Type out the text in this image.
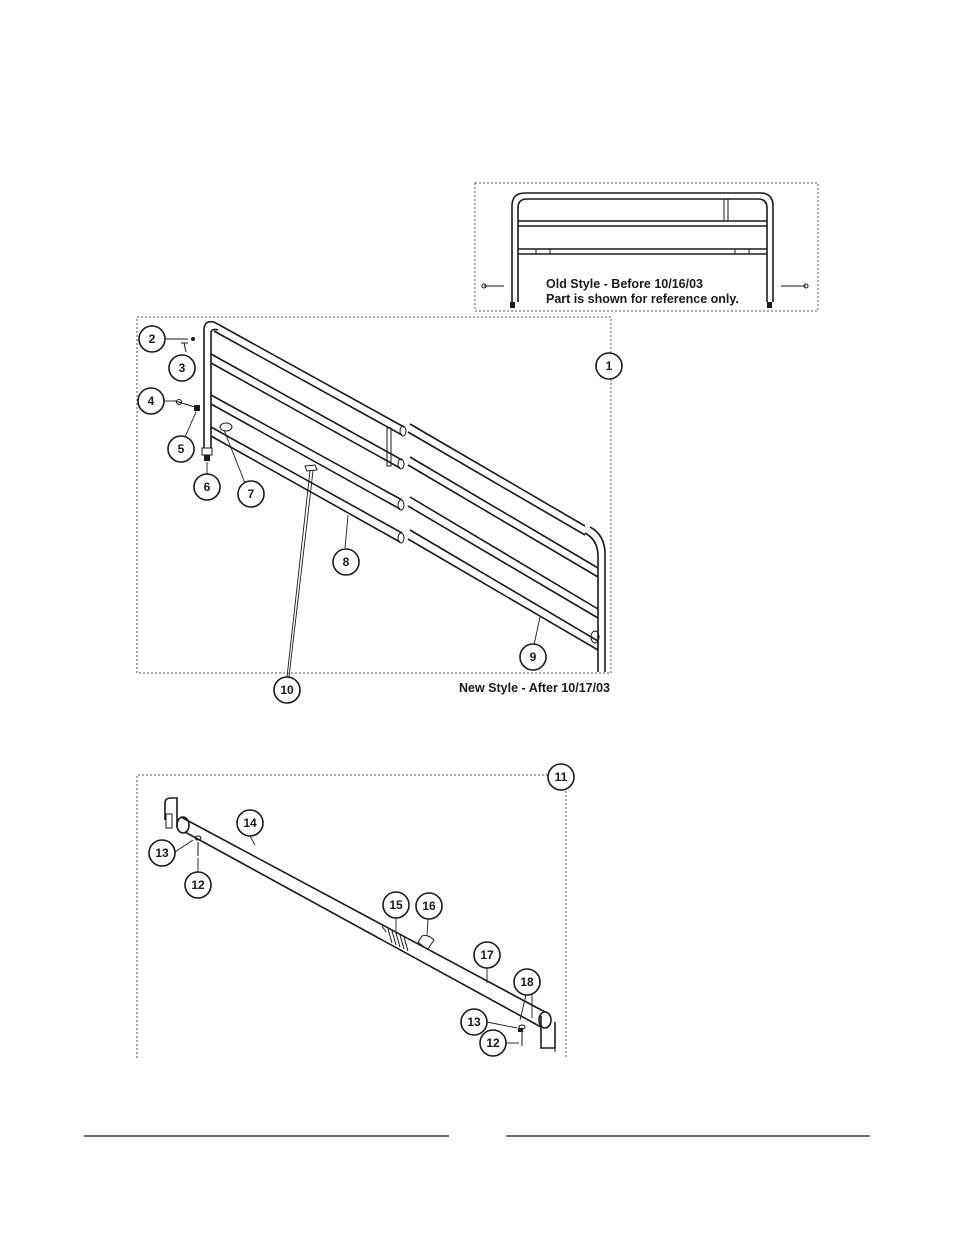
Old Style - Before 10/16/03
Part is shown for reference only.
1
2
3
4
5
6	7
8
9
10	New Style - After 10/17/03
11
13
12
14
15 16
17
18
13
12
